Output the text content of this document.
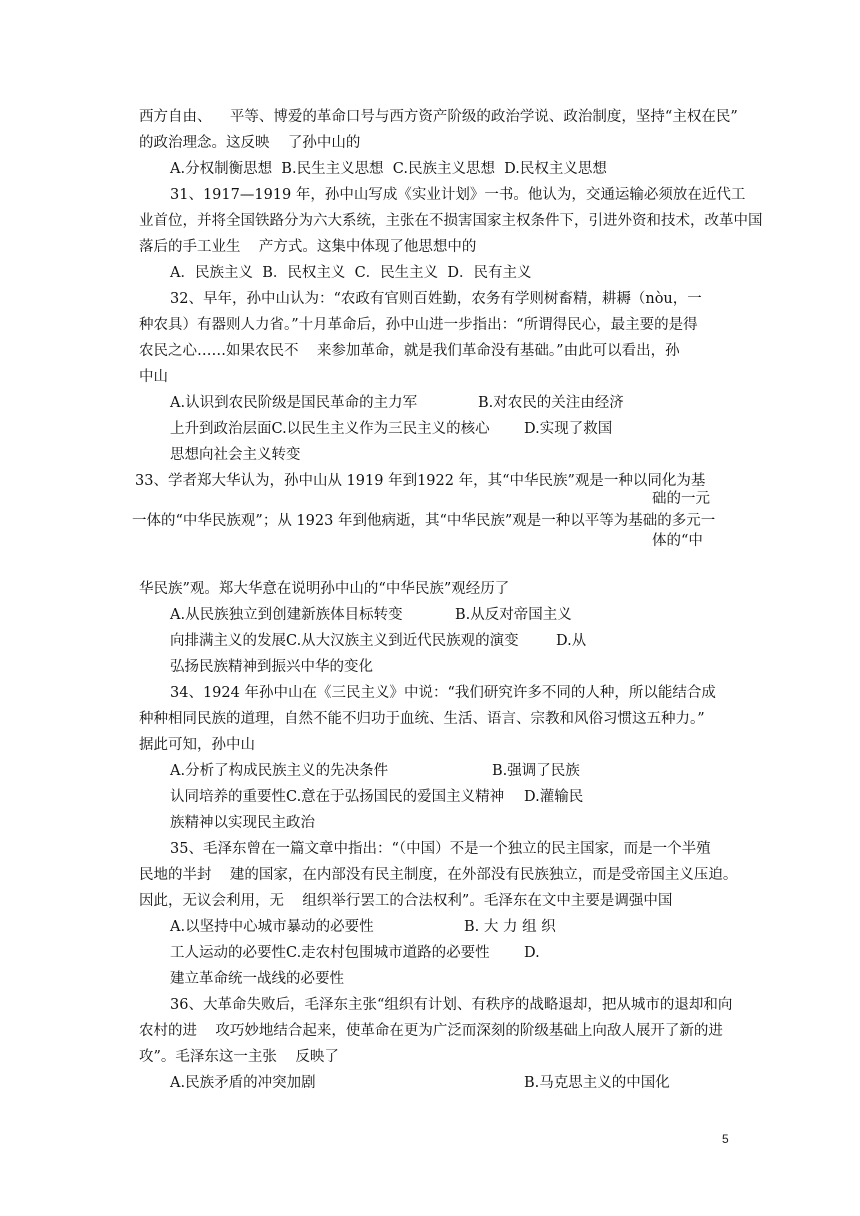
西方自由、    平等、博爱的革命口号与西方资产阶级的政治学说、政治制度，坚持“主权在民”
的政治理念。这反映    了孙中山的
A.分权制衡思想  B.民生主义思想  C.民族主义思想  D.民权主义思想
31、1917—1919 年，孙中山写成《实业计划》一书。他认为，交通运输必须放在近代工
业首位，并将全国铁路分为六大系统，主张在不损害国家主权条件下，引进外资和技术，改革中国
落后的手工业生    产方式。这集中体现了他思想中的
A．民族主义  B．民权主义  C．民生主义  D．民有主义
32、早年，孙中山认为：“农政有官则百姓勤，农务有学则树畜精，耕耨（nòu，一
种农具）有器则人力省。”十月革命后，孙中山进一步指出：“所谓得民心，最主要的是得
农民之心……如果农民不    来参加革命，就是我们革命没有基础。”由此可以看出，孙
中山
A.认识到农民阶级是国民革命的主力军	B.对农民的关注由经济
上升到政治层面C.以民生主义作为三民主义的核心 D.实现了救国
思想向社会主义转变
33、学者郑大华认为，孙中山从 1919 年到1922 年，其“中华民族”观是一种以同化为基
础的一元
一体的“中华民族观”；从 1923 年到他病逝，其“中华民族”观是一种以平等为基础的多元一
体的“中
华民族”观。郑大华意在说明孙中山的“中华民族”观经历了
A.从民族独立到创建新族体目标转变	B.从反对帝国主义
向排满主义的发展C.从大汉族主义到近代民族观的演变	D.从
弘扬民族精神到振兴中华的变化
34、1924 年孙中山在《三民主义》中说：“我们研究许多不同的人种，所以能结合成
种种相同民族的道理，自然不能不归功于血统、生活、语言、宗教和风俗习惯这五种力。”
据此可知，孙中山
A.分析了构成民族主义的先决条件	B.强调了民族
认同培养的重要性C.意在于弘扬国民的爱国主义精神 D.灌输民
族精神以实现民主政治
35、毛泽东曾在一篇文章中指出：“（中国）不是一个独立的民主国家，而是一个半殖
民地的半封    建的国家，在内部没有民主制度，在外部没有民族独立，而是受帝国主义压迫。
因此，无议会利用，无    组织举行罢工的合法权利”。毛泽东在文中主要是调强中国
A.以坚持中心城市暴动的必要性	B. 大 力 组 织
工人运动的必要性C.走农村包围城市道路的必要性 D.
建立革命统一战线的必要性
36、大革命失败后，毛泽东主张“组织有计划、有秩序的战略退却，把从城市的退却和向
农村的进    攻巧妙地结合起来，使革命在更为广泛而深刻的阶级基础上向敌人展开了新的进
攻”。毛泽东这一主张    反映了
A.民族矛盾的冲突加剧	B.马克思主义的中国化
5
